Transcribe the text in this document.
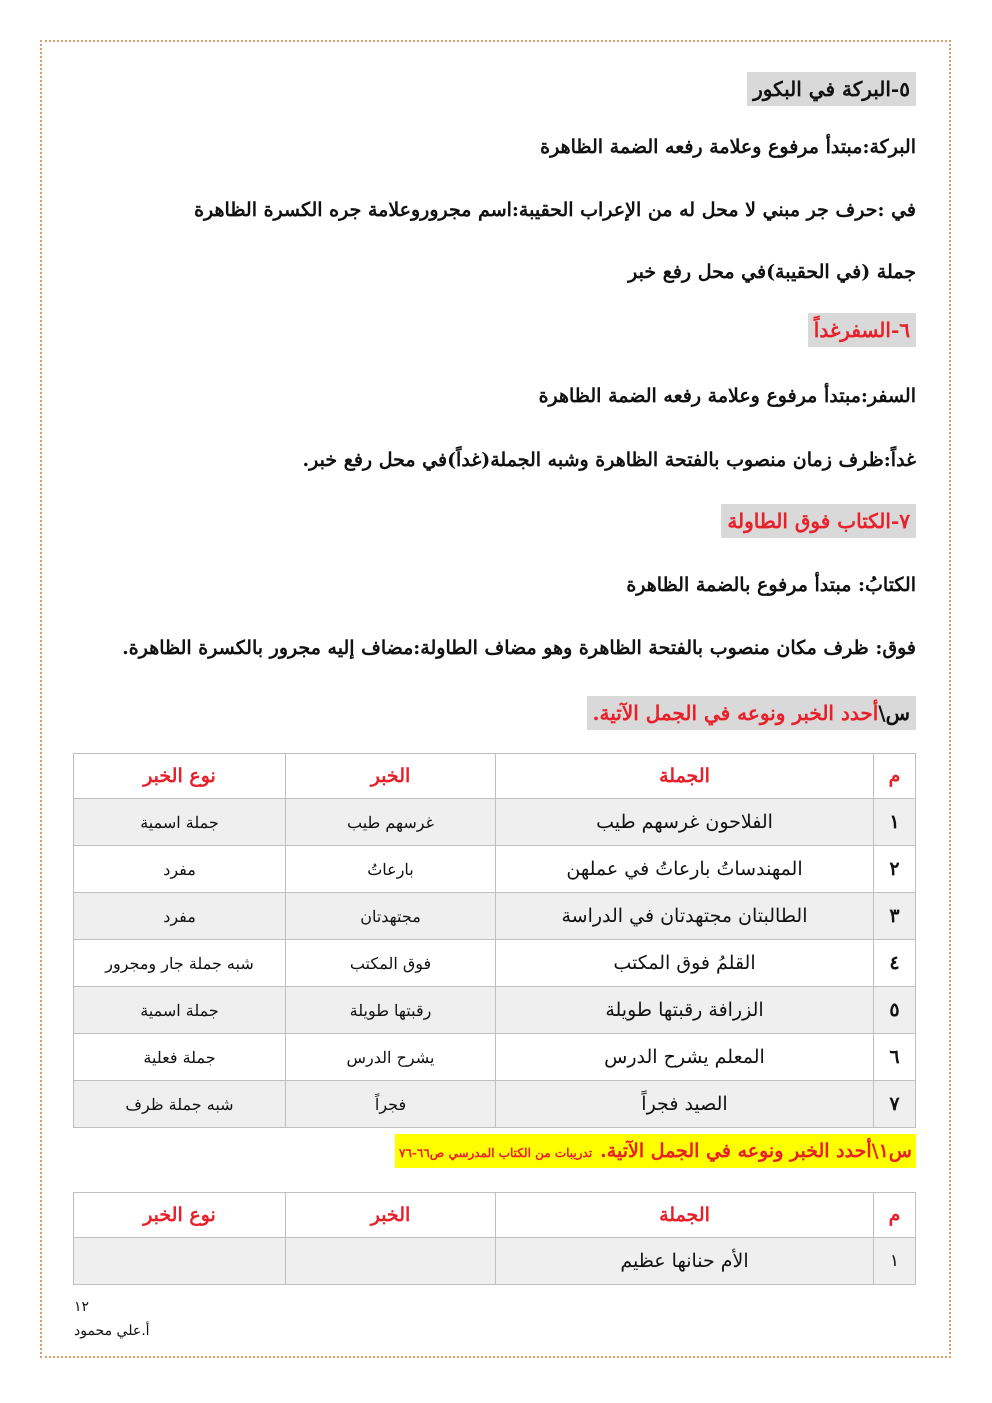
٥-البركة في البكور
البركة:مبتدأ مرفوع وعلامة رفعه الضمة الظاهرة
في :حرف جر مبني لا محل له من الإعراب الحقيبة:اسم مجروروعلامة جره الكسرة الظاهرة
جملة (في الحقيبة)في محل رفع خبر
٦-السفرغداً
السفر:مبتدأ مرفوع وعلامة رفعه الضمة الظاهرة
غداً:ظرف زمان منصوب بالفتحة الظاهرة وشبه الجملة(غداً)في محل رفع خبر.
٧-الكتاب فوق الطاولة
الكتابُ: مبتدأ مرفوع بالضمة الظاهرة
فوق: ظرف مكان منصوب بالفتحة الظاهرة وهو مضاف الطاولة:مضاف إليه مجرور بالكسرة الظاهرة.
س\أحدد الخبر ونوعه في الجمل الآتية.
م	الجملة	الخبر	نوع الخبر
١	الفلاحون غرسهم طيب	غرسهم طيب	جملة اسمية
٢	المهندساتُ بارعاتُ في عملهن	بارعاتُ	مفرد
٣	الطالبتان مجتهدتان في الدراسة	مجتهدتان	مفرد
٤	القلمُ فوق المكتب	فوق المكتب	شبه جملة جار ومجرور
٥	الزرافة رقبتها طويلة	رقبتها طويلة	جملة اسمية
٦	المعلم يشرح الدرس	يشرح الدرس	جملة فعلية
٧	الصيد فجراً	فجراً	شبه جملة ظرف
س١\أحدد الخبر ونوعه في الجمل الآتية.تدريبات من الكتاب المدرسي ص٦٦-٧٦
م	الجملة	الخبر	نوع الخبر
١	الأم حنانها عظيم		
١٢
أ.علي محمود
